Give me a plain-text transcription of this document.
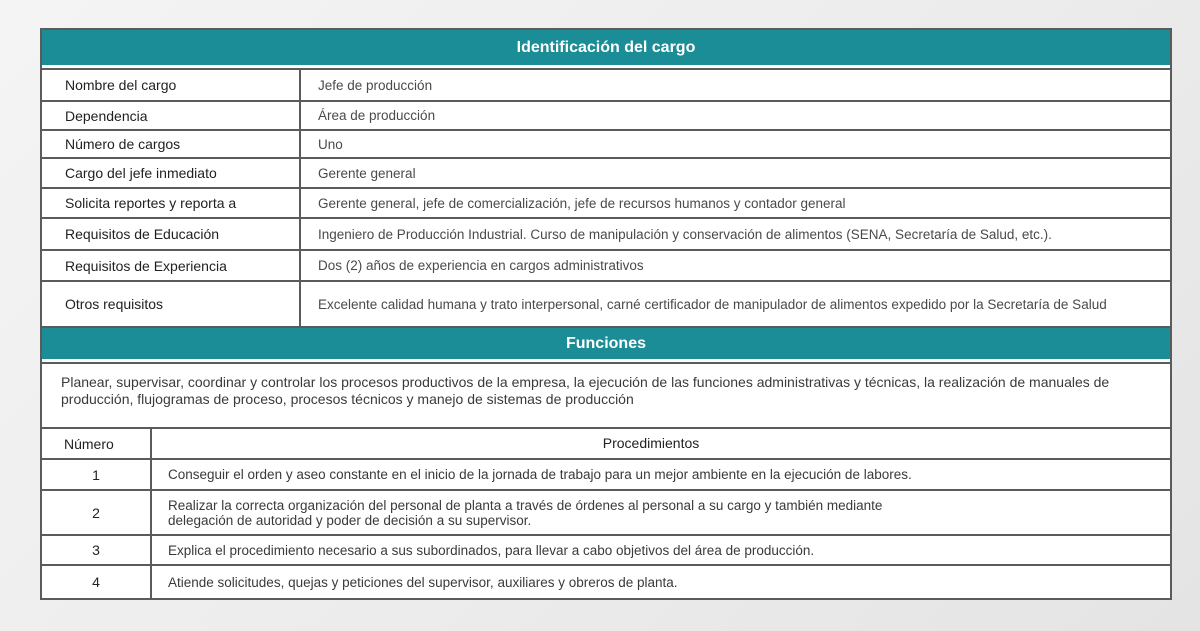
Identificación del cargo
Nombre del cargo	Jefe de producción
Dependencia	Área de producción
Número de cargos	Uno
Cargo del jefe inmediato	Gerente general
Solicita reportes y reporta a	Gerente general, jefe de comercialización, jefe de recursos humanos y contador general
Requisitos de Educación	Ingeniero de Producción Industrial. Curso de manipulación y conservación de alimentos (SENA, Secretaría de Salud, etc.).
Requisitos de Experiencia	Dos (2) años de experiencia en cargos administrativos
Otros requisitos	Excelente calidad humana y trato interpersonal, carné certificador de manipulador de alimentos expedido por la Secretaría de Salud
Funciones
Planear, supervisar, coordinar y controlar los procesos productivos de la empresa, la ejecución de las funciones administrativas y técnicas, la realización de manuales de producción, flujogramas de proceso, procesos técnicos y manejo de sistemas de producción
Número	Procedimientos
1	Conseguir el orden y aseo constante en el inicio de la jornada de trabajo para un mejor ambiente en la ejecución de labores.
2	Realizar la correcta organización del personal de planta a través de órdenes al personal a su cargo y también mediante delegación de autoridad y poder de decisión a su supervisor.
3	Explica el procedimiento necesario a sus subordinados, para llevar a cabo objetivos del área de producción.
4	Atiende solicitudes, quejas y peticiones del supervisor, auxiliares y obreros de planta.
